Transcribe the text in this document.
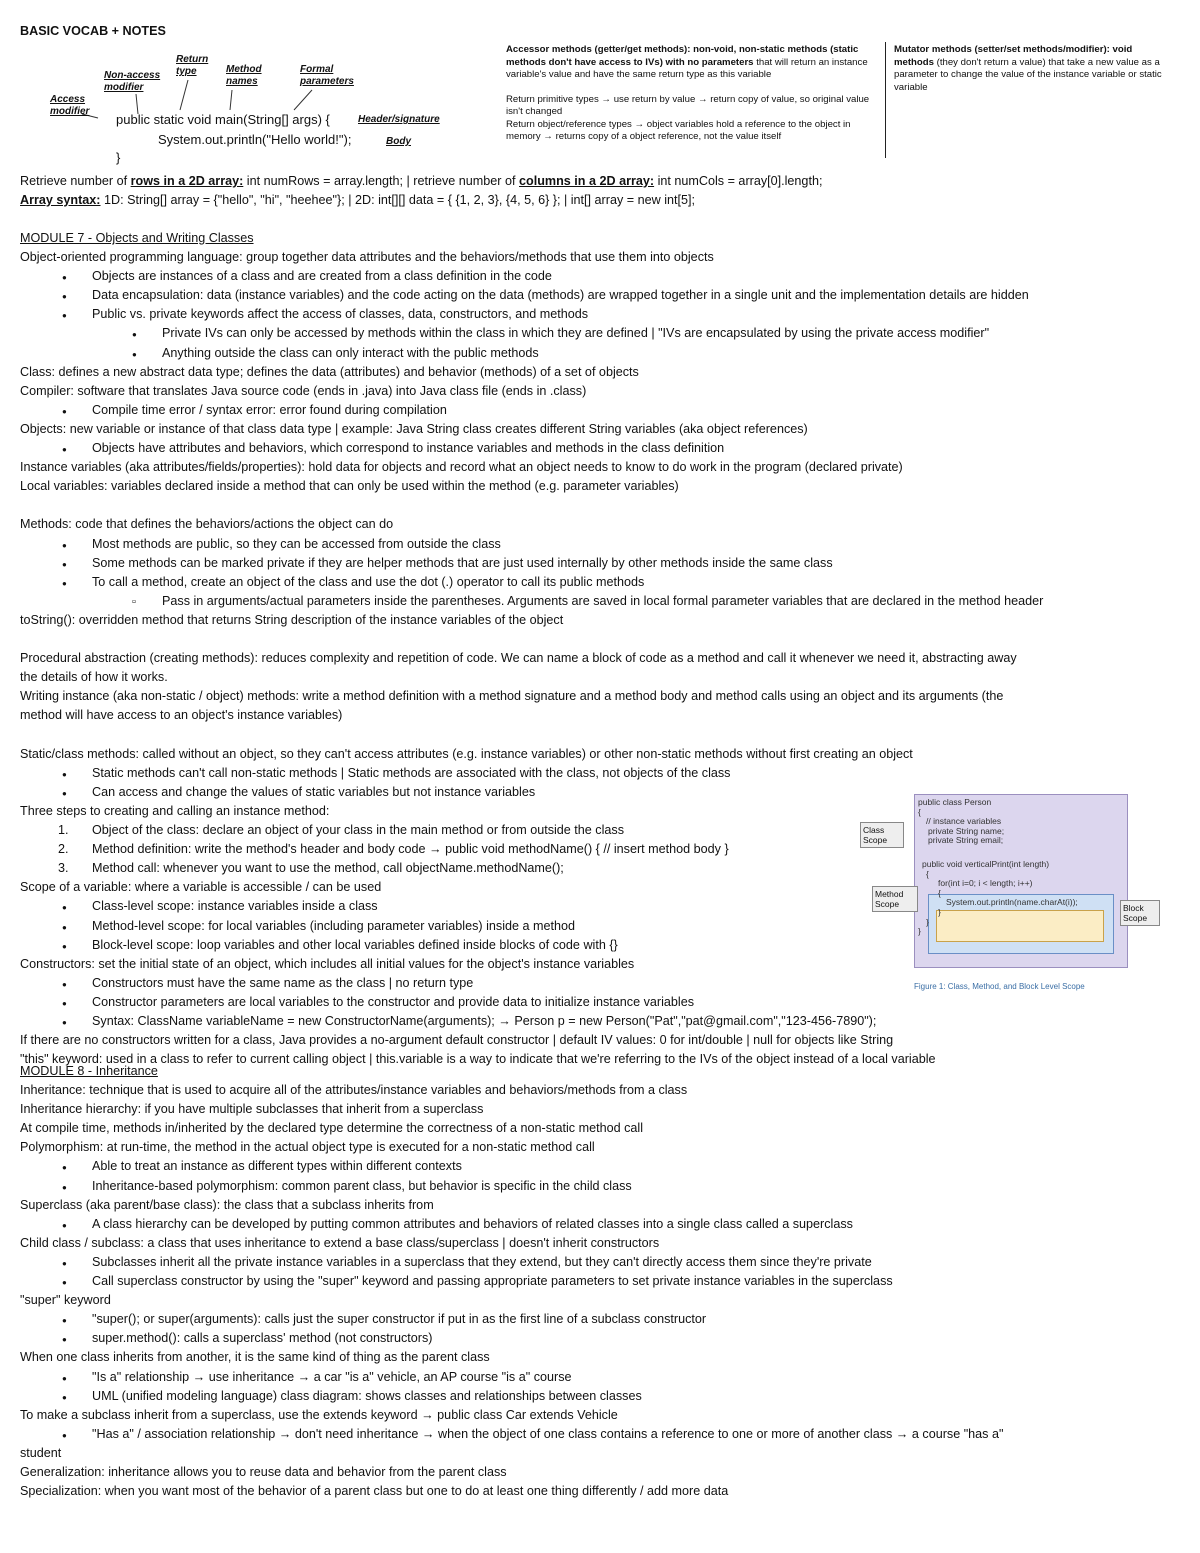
BASIC VOCAB + NOTES
Access modifier
Non-access modifier
Return type	Method names
Formal parameters
Header/signature
Body
public static void main(String[] args) {
System.out.println("Hello world!");
}
Accessor methods (getter/get methods): non-void, non-static methods (static methods don't have access to IVs) with no parameters that will return an instance variable's value and have the same return type as this variable
Return primitive types → use return by value → return copy of value, so original value isn't changed
Return object/reference types → object variables hold a reference to the object in memory → returns copy of a object reference, not the value itself
Mutator methods (setter/set methods/modifier): void methods (they don't return a value) that take a new value as a parameter to change the value of the instance variable or static variable
Retrieve number of rows in a 2D array: int numRows = array.length; | retrieve number of columns in a 2D array: int numCols = array[0].length;
Array syntax: 1D: String[] array = {"hello", "hi", "heehee"}; | 2D: int[][] data = { {1, 2, 3}, {4, 5, 6} }; | int[] array = new int[5];
MODULE 7 - Objects and Writing Classes
Object-oriented programming language: group together data attributes and the behaviors/methods that use them into objects
Objects are instances of a class and are created from a class definition in the code
●
Data encapsulation: data (instance variables) and the code acting on the data (methods) are wrapped together in a single unit and the implementation details are hidden
●
Public vs. private keywords affect the access of classes, data, constructors, and methods
●
Private IVs can only be accessed by methods within the class in which they are defined | "IVs are encapsulated by using the private access modifier"
●
Anything outside the class can only interact with the public methods
●
Class: defines a new abstract data type; defines the data (attributes) and behavior (methods) of a set of objects
Compiler: software that translates Java source code (ends in .java) into Java class file (ends in .class)
Compile time error / syntax error: error found during compilation
●
Objects: new variable or instance of that class data type | example: Java String class creates different String variables (aka object references)
Objects have attributes and behaviors, which correspond to instance variables and methods in the class definition
●
Instance variables (aka attributes/fields/properties): hold data for objects and record what an object needs to know to do work in the program (declared private)
Local variables: variables declared inside a method that can only be used within the method (e.g. parameter variables)
Methods: code that defines the behaviors/actions the object can do
Most methods are public, so they can be accessed from outside the class
●
Some methods can be marked private if they are helper methods that are just used internally by other methods inside the same class
●
To call a method, create an object of the class and use the dot (.) operator to call its public methods
●
Pass in arguments/actual parameters inside the parentheses. Arguments are saved in local formal parameter variables that are declared in the method header
▫
toString(): overridden method that returns String description of the instance variables of the object
Procedural abstraction (creating methods): reduces complexity and repetition of code. We can name a block of code as a method and call it whenever we need it, abstracting away
the details of how it works.
Writing instance (aka non-static / object) methods: write a method definition with a method signature and a method body and method calls using an object and its arguments (the
method will have access to an object's instance variables)
Static/class methods: called without an object, so they can't access attributes (e.g. instance variables) or other non-static methods without first creating an object
Static methods can't call non-static methods | Static methods are associated with the class, not objects of the class
●
Can access and change the values of static variables but not instance variables
●
Three steps to creating and calling an instance method:
Object of the class: declare an object of your class in the main method or from outside the class
1.
Method definition: write the method's header and body code → public void methodName() { // insert method body }
2.
Method call: whenever you want to use the method, call objectName.methodName();
3.
Scope of a variable: where a variable is accessible / can be used
Class-level scope: instance variables inside a class
●
Method-level scope: for local variables (including parameter variables) inside a method
●
Block-level scope: loop variables and other local variables defined inside blocks of code with {}
●
Constructors: set the initial state of an object, which includes all initial values for the object's instance variables
Constructors must have the same name as the class | no return type
●
Constructor parameters are local variables to the constructor and provide data to initialize instance variables
●
Syntax: ClassName variableName = new ConstructorName(arguments); → Person p = new Person("Pat","pat@gmail.com","123-456-7890");
●
If there are no constructors written for a class, Java provides a no-argument default constructor | default IV values: 0 for int/double | null for objects like String
"this" keyword: used in a class to refer to current calling object | this.variable is a way to indicate that we're referring to the IVs of the object instead of a local variable
MODULE 8 - Inheritance
Inheritance: technique that is used to acquire all of the attributes/instance variables and behaviors/methods from a class
Inheritance hierarchy: if you have multiple subclasses that inherit from a superclass
At compile time, methods in/inherited by the declared type determine the correctness of a non-static method call
Polymorphism: at run-time, the method in the actual object type is executed for a non-static method call
Able to treat an instance as different types within different contexts
●
Inheritance-based polymorphism: common parent class, but behavior is specific in the child class
●
Superclass (aka parent/base class): the class that a subclass inherits from
A class hierarchy can be developed by putting common attributes and behaviors of related classes into a single class called a superclass
●
Child class / subclass: a class that uses inheritance to extend a base class/superclass | doesn't inherit constructors
Subclasses inherit all the private instance variables in a superclass that they extend, but they can't directly access them since they're private
●
Call superclass constructor by using the "super" keyword and passing appropriate parameters to set private instance variables in the superclass
●
"super" keyword
"super(); or super(arguments): calls just the super constructor if put in as the first line of a subclass constructor
●
super.method(): calls a superclass' method (not constructors)
●
When one class inherits from another, it is the same kind of thing as the parent class
"Is a" relationship → use inheritance → a car "is a" vehicle, an AP course "is a" course
●
UML (unified modeling language) class diagram: shows classes and relationships between classes
●
To make a subclass inherit from a superclass, use the extends keyword → public class Car extends Vehicle
"Has a" / association relationship → don't need inheritance → when the object of one class contains a reference to one or more of another class → a course "has a"
●
student
Generalization: inheritance allows you to reuse data and behavior from the parent class
Specialization: when you want most of the behavior of a parent class but one to do at least one thing differently / add more data
public class Person
{
// instance variables
private String name;
private String email;
public void verticalPrint(int length)
{
for(int i=0; i < length; i++)
{
System.out.println(name.charAt(i));
}
}
}
Class Scope
Method Scope	Block Scope
Figure 1: Class, Method, and Block Level Scope
